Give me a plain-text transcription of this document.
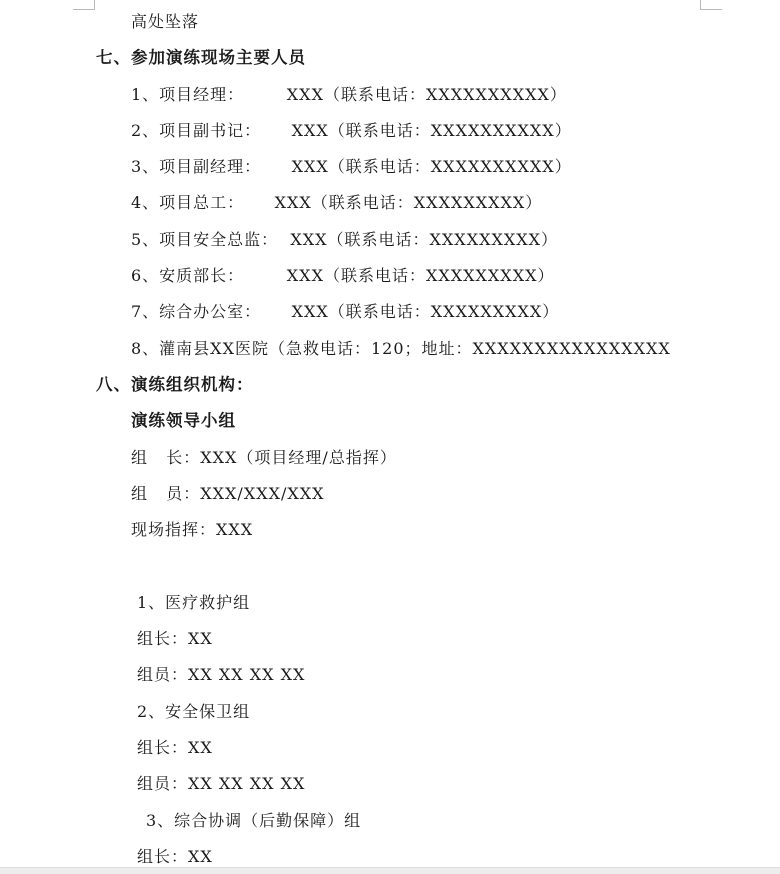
高处坠落
七、参加演练现场主要人员
1、项目经理：       XXX（联系电话：XXXXXXXXXX）
2、项目副书记：     XXX（联系电话：XXXXXXXXXX）
3、项目副经理：     XXX（联系电话：XXXXXXXXXX）
4、项目总工：     XXX（联系电话：XXXXXXXXX）
5、项目安全总监：  XXX（联系电话：XXXXXXXXX）
6、安质部长：       XXX（联系电话：XXXXXXXXX）
7、综合办公室：     XXX（联系电话：XXXXXXXXX）
8、灌南县XX医院（急救电话：120；地址：XXXXXXXXXXXXXXXX
八、演练组织机构：
演练领导小组
组   长：XXX（项目经理/总指挥）
组   员：XXX/XXX/XXX
现场指挥：XXX
1、医疗救护组
组长：XX
组员：XX XX XX XX
2、安全保卫组
组长：XX
组员：XX XX XX XX
3、综合协调（后勤保障）组
组长：XX
